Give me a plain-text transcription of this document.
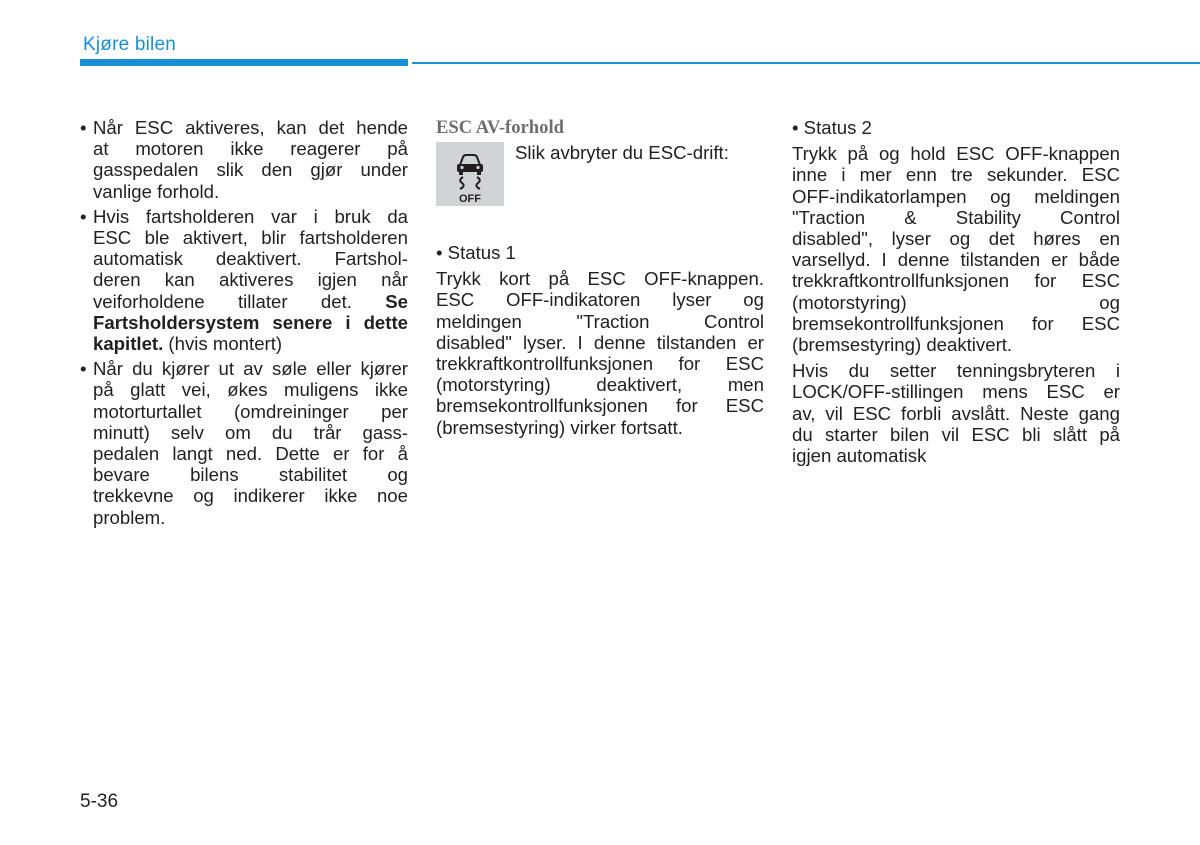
Kjøre bilen
• Når ESC aktiveres, kan det hende
at motoren ikke reagerer på
gasspedalen slik den gjør under
vanlige forhold.
• Hvis fartsholderen var i bruk da
ESC ble aktivert, blir fartsholderen
automatisk deaktivert. Fartshol-
deren kan aktiveres igjen når
veiforholdene tillater det. Se
Fartsholdersystem senere i dette
kapitlet. (hvis montert)
• Når du kjører ut av søle eller kjører
på glatt vei, økes muligens ikke
motorturtallet (omdreininger per
minutt) selv om du trår gass-
pedalen langt ned. Dette er for å
bevare bilens stabilitet og
trekkevne og indikerer ikke noe
problem.
ESC AV-forhold
OFF
Slik avbryter du ESC-drift:
• Status 1
Trykk kort på ESC OFF-knappen.
ESC OFF-indikatoren lyser og
meldingen "Traction Control
disabled" lyser. I denne tilstanden er
trekkraftkontrollfunksjonen for ESC
(motorstyring) deaktivert, men
bremsekontrollfunksjonen for ESC
(bremsestyring) virker fortsatt.
• Status 2
Trykk på og hold ESC OFF-knappen
inne i mer enn tre sekunder. ESC
OFF-indikatorlampen og meldingen
"Traction & Stability Control
disabled", lyser og det høres en
varsellyd. I denne tilstanden er både
trekkraftkontrollfunksjonen for ESC
(motorstyring) og
bremsekontrollfunksjonen for ESC
(bremsestyring) deaktivert.
Hvis du setter tenningsbryteren i
LOCK/OFF-stillingen mens ESC er
av, vil ESC forbli avslått. Neste gang
du starter bilen vil ESC bli slått på
igjen automatisk
5-36
